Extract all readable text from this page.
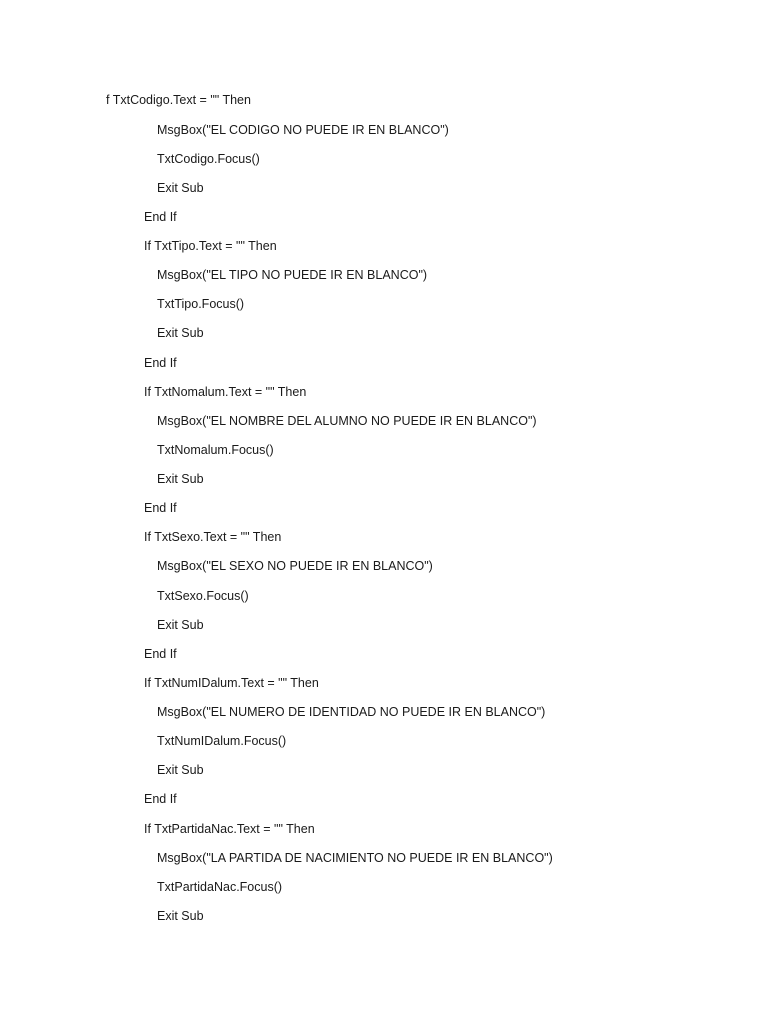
f TxtCodigo.Text = "" Then
MsgBox("EL CODIGO NO PUEDE IR EN BLANCO")
TxtCodigo.Focus()
Exit Sub
End If
If TxtTipo.Text = "" Then
MsgBox("EL TIPO NO PUEDE IR EN BLANCO")
TxtTipo.Focus()
Exit Sub
End If
If TxtNomalum.Text = "" Then
MsgBox("EL NOMBRE DEL ALUMNO NO PUEDE IR EN BLANCO")
TxtNomalum.Focus()
Exit Sub
End If
If TxtSexo.Text = "" Then
MsgBox("EL SEXO NO PUEDE IR EN BLANCO")
TxtSexo.Focus()
Exit Sub
End If
If TxtNumIDalum.Text = "" Then
MsgBox("EL NUMERO DE IDENTIDAD NO PUEDE IR EN BLANCO")
TxtNumIDalum.Focus()
Exit Sub
End If
If TxtPartidaNac.Text = "" Then
MsgBox("LA PARTIDA DE NACIMIENTO NO PUEDE IR EN BLANCO")
TxtPartidaNac.Focus()
Exit Sub
